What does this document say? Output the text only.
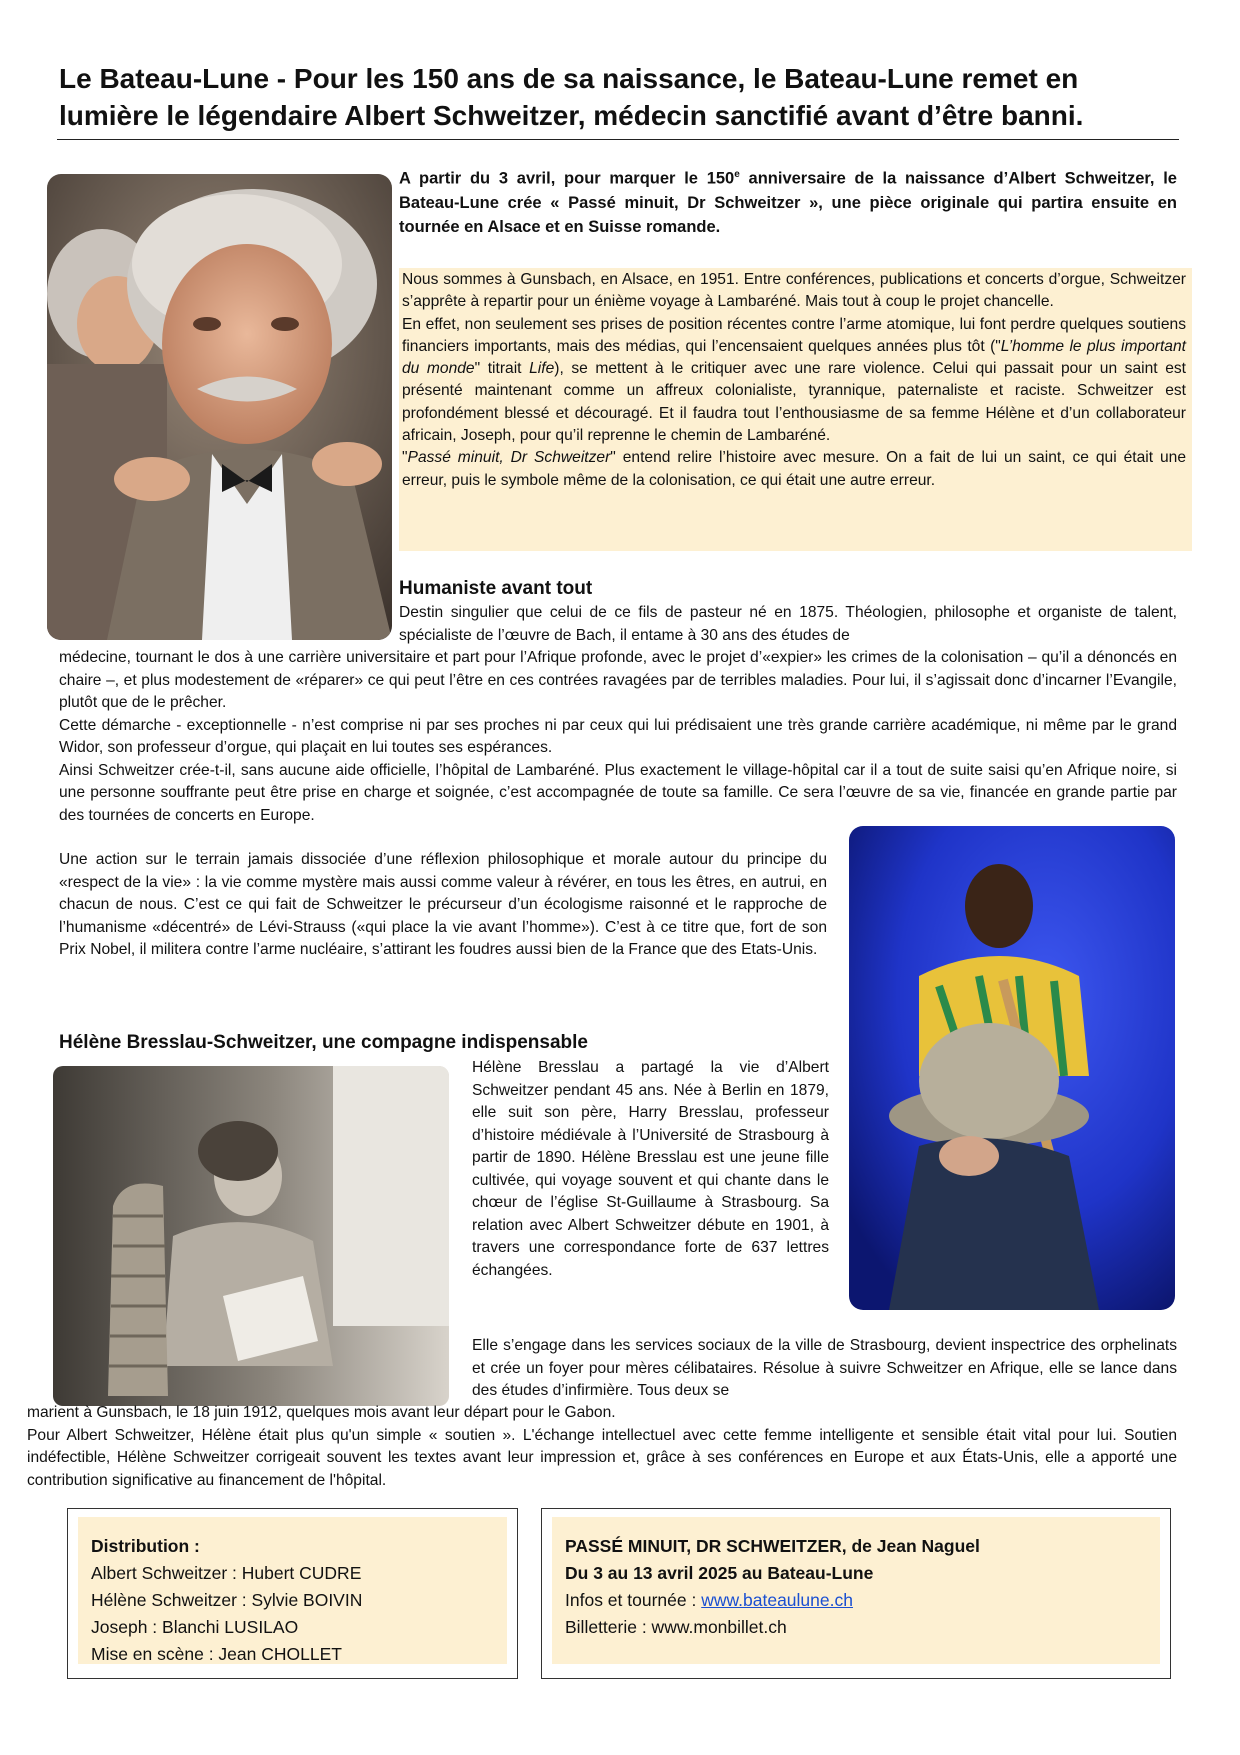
Le Bateau-Lune - Pour les 150 ans de sa naissance, le Bateau-Lune remet en lumière le légendaire Albert Schweitzer, médecin sanctifié avant d’être banni.

A partir du 3 avril, pour marquer le 150e anniversaire de la naissance d’Albert Schweitzer, le Bateau-Lune crée « Passé minuit, Dr Schweitzer », une pièce originale qui partira ensuite en tournée en Alsace et en Suisse romande.

Nous sommes à Gunsbach, en Alsace, en 1951. Entre conférences, publications et concerts d’orgue, Schweitzer s’apprête à repartir pour un énième voyage à Lambaréné. Mais tout à coup le projet chancelle.

En effet, non seulement ses prises de position récentes contre l’arme atomique, lui font perdre quelques soutiens financiers importants, mais des médias, qui l’encensaient quelques années plus tôt ("L’homme le plus important du monde" titrait Life), se mettent à le critiquer avec une rare violence. Celui qui passait pour un saint est présenté maintenant comme un affreux colonialiste, tyrannique, paternaliste et raciste. Schweitzer est profondément blessé et découragé. Et il faudra tout l’enthousiasme de sa femme Hélène et d’un collaborateur africain, Joseph, pour qu’il reprenne le chemin de Lambaréné.

"Passé minuit, Dr Schweitzer" entend relire l’histoire avec mesure. On a fait de lui un saint, ce qui était une erreur, puis le symbole même de la colonisation, ce qui était une autre erreur.

Humaniste avant tout

Destin singulier que celui de ce fils de pasteur né en 1875. Théologien, philosophe et organiste de talent, spécialiste de l’œuvre de Bach, il entame à 30 ans des études de

médecine, tournant le dos à une carrière universitaire et part pour l’Afrique profonde, avec le projet d’«expier» les crimes de la colonisation – qu’il a dénoncés en chaire –, et plus modestement de «réparer» ce qui peut l’être en ces contrées ravagées par de terribles maladies. Pour lui, il s’agissait donc d’incarner l’Evangile, plutôt que de le prêcher.
Cette démarche - exceptionnelle - n’est comprise ni par ses proches ni par ceux qui lui prédisaient une très grande carrière académique, ni même par le grand Widor, son professeur d’orgue, qui plaçait en lui toutes ses espérances.
Ainsi Schweitzer crée-t-il, sans aucune aide officielle, l’hôpital de Lambaréné. Plus exactement le village-hôpital car il a tout de suite saisi qu’en Afrique noire, si une personne souffrante peut être prise en charge et soignée, c’est accompagnée de toute sa famille. Ce sera l’œuvre de sa vie, financée en grande partie par des tournées de concerts en Europe.

Une action sur le terrain jamais dissociée d’une réflexion philosophique et morale autour du principe du «respect de la vie» : la vie comme mystère mais aussi comme valeur à révérer, en tous les êtres, en autrui, en chacun de nous. C’est ce qui fait de Schweitzer le précurseur d’un écologisme raisonné et le rapproche de l’humanisme «décentré» de Lévi-Strauss («qui place la vie avant l’homme»). C’est à ce titre que, fort de son Prix Nobel, il militera contre l’arme nucléaire, s’attirant les foudres aussi bien de la France que des Etats-Unis.

Hélène Bresslau-Schweitzer, une compagne indispensable

Hélène Bresslau a partagé la vie d’Albert Schweitzer pendant 45 ans. Née à Berlin en 1879, elle suit son père, Harry Bresslau, professeur d’histoire médiévale à l’Université de Strasbourg à partir de 1890. Hélène Bresslau est une jeune fille cultivée, qui voyage souvent et qui chante dans le chœur de l’église St-Guillaume à Strasbourg. Sa relation avec Albert Schweitzer débute en 1901, à travers une correspondance forte de 637 lettres échangées.

Elle s’engage dans les services sociaux de la ville de Strasbourg, devient inspectrice des orphelinats et crée un foyer pour mères célibataires. Résolue à suivre Schweitzer en Afrique, elle se lance dans des études d’infirmière. Tous deux se

marient à Gunsbach, le 18 juin 1912, quelques mois avant leur départ pour le Gabon.
Pour Albert Schweitzer, Hélène était plus qu'un simple « soutien ». L'échange intellectuel avec cette femme intelligente et sensible était vital pour lui. Soutien indéfectible, Hélène Schweitzer corrigeait souvent les textes avant leur impression et, grâce à ses conférences en Europe et aux États-Unis, elle a apporté une contribution significative au financement de l'hôpital.

Distribution :
Albert Schweitzer : Hubert CUDRE
Hélène Schweitzer : Sylvie BOIVIN
Joseph : Blanchi LUSILAO
Mise en scène : Jean CHOLLET

PASSÉ MINUIT, DR SCHWEITZER, de Jean Naguel
Du 3 au 13 avril 2025 au Bateau-Lune
Infos et tournée : www.bateaulune.ch
Billetterie : www.monbillet.ch
